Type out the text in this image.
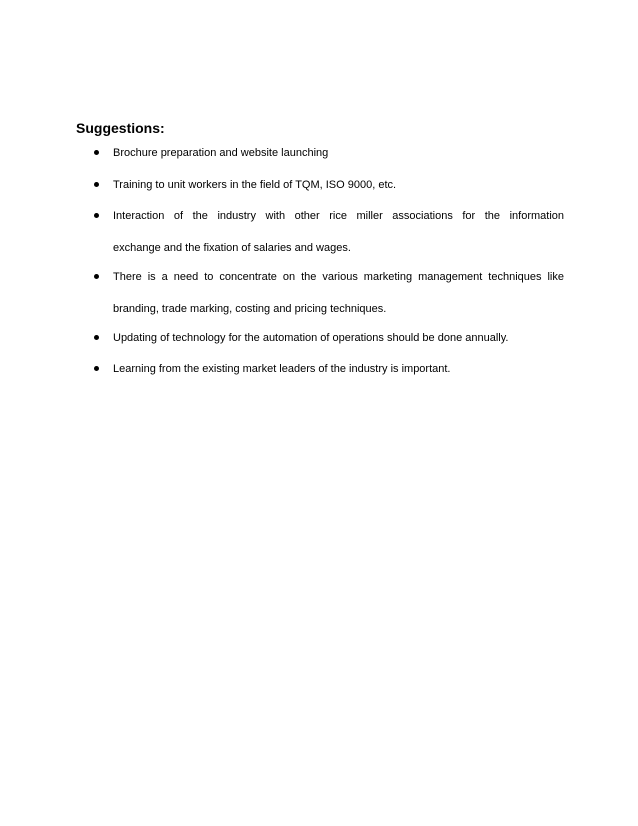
Suggestions:
Brochure preparation and website launching
Training to unit workers in the field of TQM, ISO 9000, etc.
Interaction of the industry with other rice miller associations for the information
exchange and the fixation of salaries and wages.
There is a need to concentrate on the various marketing management techniques like
branding, trade marking, costing and pricing techniques.
Updating of technology for the automation of operations should be done annually.
Learning from the existing market leaders of the industry is important.
